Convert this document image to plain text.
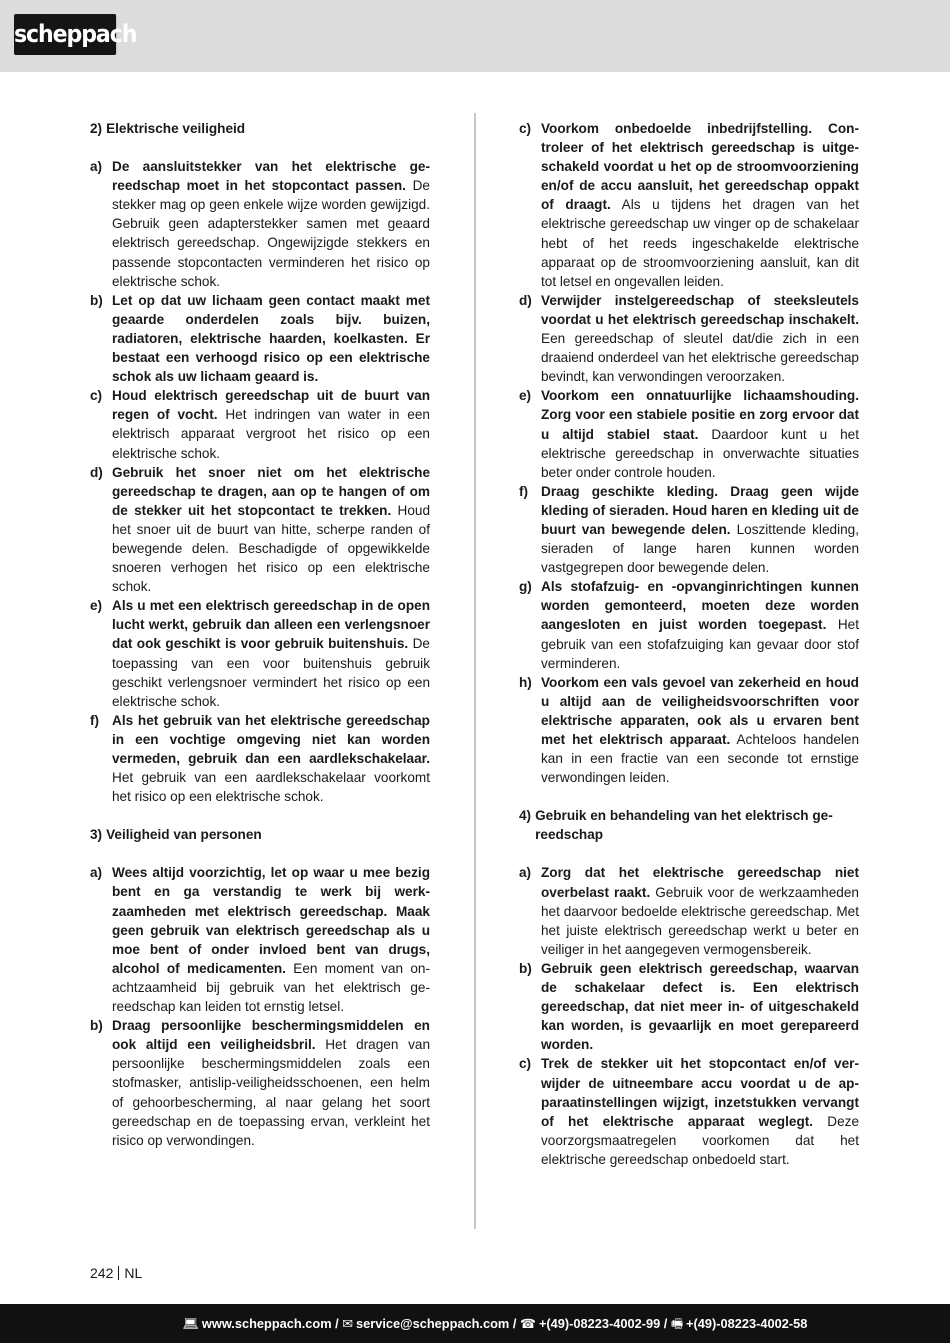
scheppach
2) Elektrische veiligheid
a) De aansluitstekker van het elektrische gereedschap moet in het stopcontact passen. De stekker mag op geen enkele wijze worden gewijzigd. Gebruik geen adapterstekker samen met geaard elektrisch gereedschap. Ongewijzigde stekkers en passende stopcontacten verminderen het risico op elektrische schok.
b) Let op dat uw lichaam geen contact maakt met geaarde onderdelen zoals bijv. buizen, radiatoren, elektrische haarden, koelkasten. Er bestaat een verhoogd risico op een elektrische schok als uw lichaam geaard is.
c) Houd elektrisch gereedschap uit de buurt van regen of vocht. Het indringen van water in een elektrisch apparaat vergroot het risico op een elektrische schok.
d) Gebruik het snoer niet om het elektrische gereedschap te dragen, aan op te hangen of om de stekker uit het stopcontact te trekken. Houd het snoer uit de buurt van hitte, scherpe randen of bewegende delen. Beschadigde of opgewikkelde snoeren verhogen het risico op een elektrische schok.
e) Als u met een elektrisch gereedschap in de open lucht werkt, gebruik dan alleen een verlengsnoer dat ook geschikt is voor gebruik buitenshuis. De toepassing van een voor buitenshuis gebruik geschikt verlengsnoer vermindert het risico op een elektrische schok.
f) Als het gebruik van het elektrische gereedschap in een vochtige omgeving niet kan worden vermeden, gebruik dan een aardlekschakelaar. Het gebruik van een aardlekschakelaar voorkomt het risico op een elektrische schok.
3) Veiligheid van personen
a) Wees altijd voorzichtig, let op waar u mee bezig bent en ga verstandig te werk bij werkzaamheden met elektrisch gereedschap. Maak geen gebruik van elektrisch gereedschap als u moe bent of onder invloed bent van drugs, alcohol of medicamenten. Een moment van onachtzaamheid bij gebruik van het elektrisch gereedschap kan leiden tot ernstig letsel.
b) Draag persoonlijke beschermingsmiddelen en ook altijd een veiligheidsbril. Het dragen van persoonlijke beschermingsmiddelen zoals een stofmasker, antislip-veiligheidsschoenen, een helm of gehoorbescherming, al naar gelang het soort gereedschap en de toepassing ervan, verkleint het risico op verwondingen.
c) Voorkom onbedoelde inbedrijfstelling. Controleer of het elektrisch gereedschap is uitgeschakeld voordat u het op de stroomvoorziening en/of de accu aansluit, het gereedschap oppakt of draagt. Als u tijdens het dragen van het elektrische gereedschap uw vinger op de schakelaar hebt of het reeds ingeschakelde elektrische apparaat op de stroomvoorziening aansluit, kan dit tot letsel en ongevallen leiden.
d) Verwijder instelgereedschap of steeksleutels voordat u het elektrisch gereedschap inschakelt. Een gereedschap of sleutel dat/die zich in een draaiend onderdeel van het elektrische gereedschap bevindt, kan verwondingen veroorzaken.
e) Voorkom een onnatuurlijke lichaamshouding. Zorg voor een stabiele positie en zorg ervoor dat u altijd stabiel staat. Daardoor kunt u het elektrische gereedschap in onverwachte situaties beter onder controle houden.
f) Draag geschikte kleding. Draag geen wijde kleding of sieraden. Houd haren en kleding uit de buurt van bewegende delen. Loszittende kleding, sieraden of lange haren kunnen worden vastgegrepen door bewegende delen.
g) Als stofafzuig- en -opvanginrichtingen kunnen worden gemonteerd, moeten deze worden aangesloten en juist worden toegepast. Het gebruik van een stofafzuiging kan gevaar door stof verminderen.
h) Voorkom een vals gevoel van zekerheid en houd u altijd aan de veiligheidsvoorschriften voor elektrische apparaten, ook als u ervaren bent met het elektrisch apparaat. Achteloos handelen kan in een fractie van een seconde tot ernstige verwondingen leiden.
4) Gebruik en behandeling van het elektrisch gereedschap
a) Zorg dat het elektrische gereedschap niet overbelast raakt. Gebruik voor de werkzaamheden het daarvoor bedoelde elektrische gereedschap. Met het juiste elektrisch gereedschap werkt u beter en veiliger in het aangegeven vermogensbereik.
b) Gebruik geen elektrisch gereedschap, waarvan de schakelaar defect is. Een elektrisch gereedschap, dat niet meer in- of uitgeschakeld kan worden, is gevaarlijk en moet gerepareerd worden.
c) Trek de stekker uit het stopcontact en/of verwijder de uitneembare accu voordat u de apparaatinstellingen wijzigt, inzetstukken vervangt of het elektrische apparaat weglegt. Deze voorzorgsmaatregelen voorkomen dat het elektrische gereedschap onbedoeld start.
242 NL
💻︎ www.scheppach.com / ✉︎ service@scheppach.com / ☎︎ +(49)-08223-4002-99 / 🖷︎ +(49)-08223-4002-58
